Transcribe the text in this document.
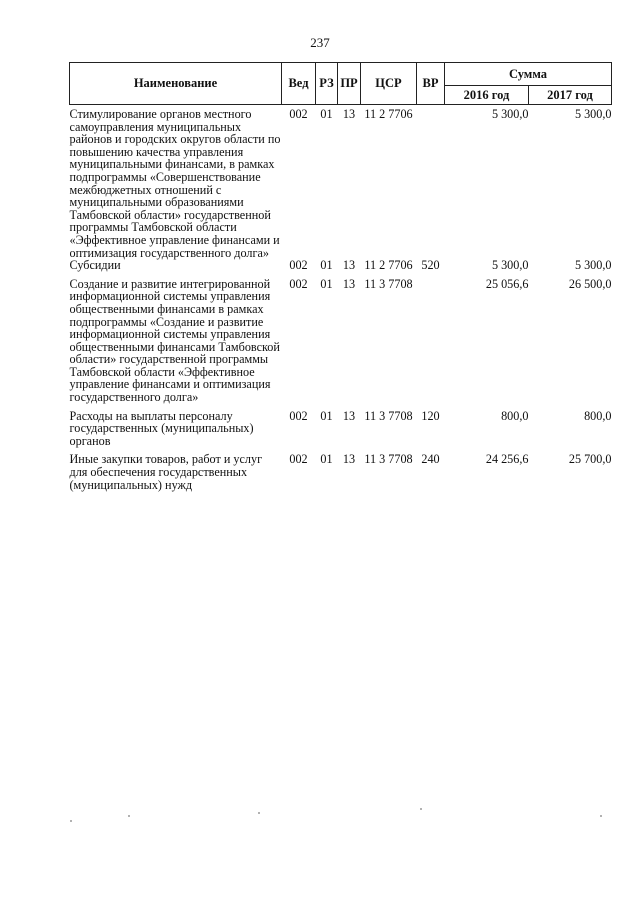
237
Наименование	Вед	РЗ	ПР	ЦСР	ВР	Сумма	
						2016 год	2017 год
Стимулирование органов местного самоуправления муниципальных районов и городских округов области по повышению качества управления муниципальными финансами, в рамках подпрограммы «Совершенствование межбюджетных отношений с муниципальными образованиями Тамбовской области» государственной программы Тамбовской области «Эффективное управление финансами и оптимизация государственного долга»	002	01	13	11 2 7706		5 300,0	5 300,0
Субсидии	002	01	13	11 2 7706	520	5 300,0	5 300,0
Создание и развитие интегрированной информационной системы управления общественными финансами в рамках подпрограммы «Создание и развитие информационной системы управления общественными финансами Тамбовской области» государственной программы Тамбовской области «Эффективное управление финансами и оптимизация государственного долга»	002	01	13	11 3 7708		25 056,6	26 500,0
Расходы на выплаты персоналу государственных (муниципальных) органов	002	01	13	11 3 7708	120	800,0	800,0
Иные закупки товаров, работ и услуг для обеспечения государственных (муниципальных) нужд	002	01	13	11 3 7708	240	24 256,6	25 700,0
